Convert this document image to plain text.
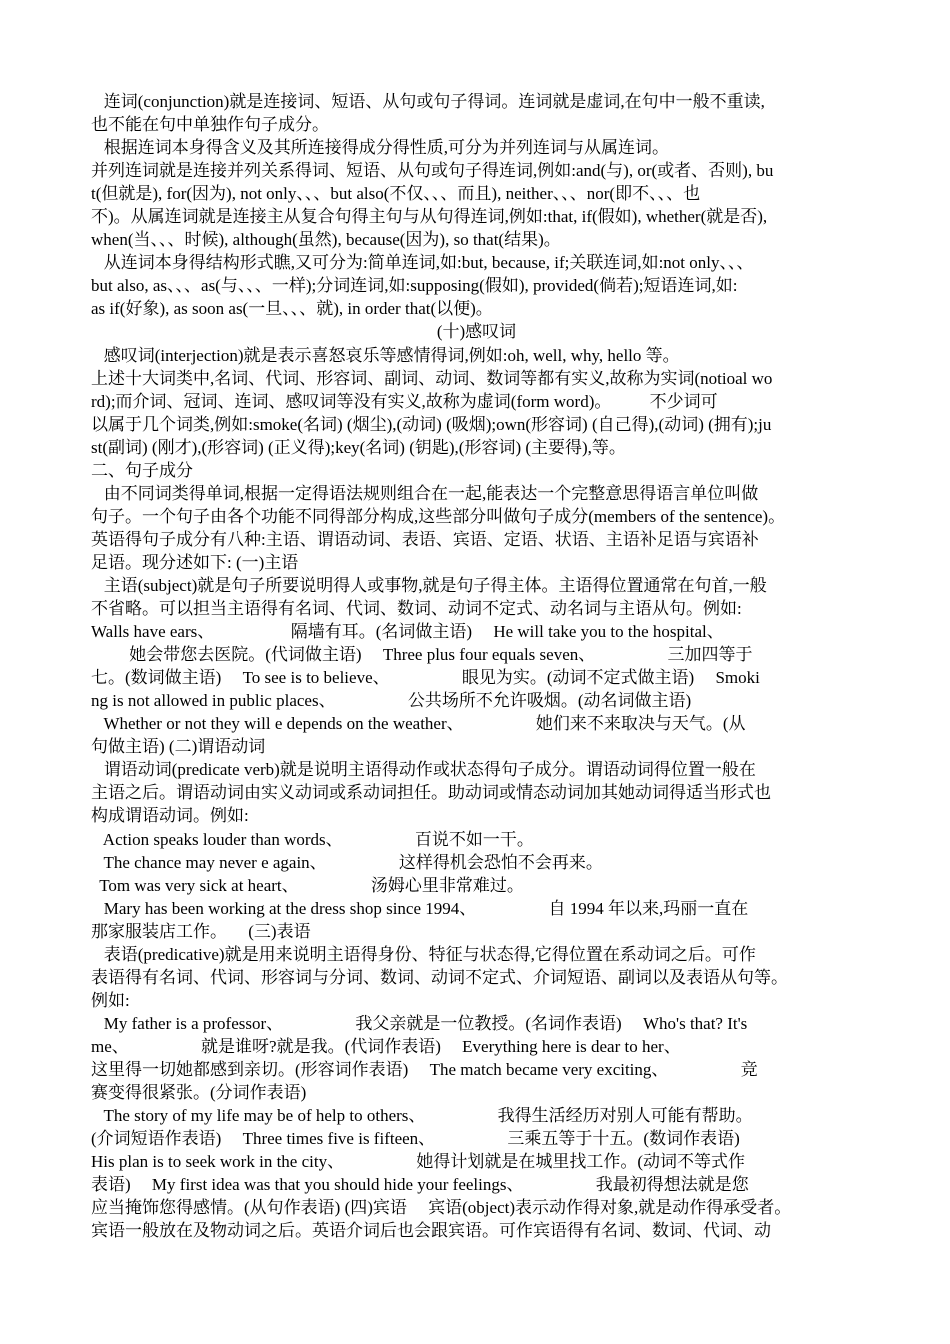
连词(conjunction)就是连接词、短语、从句或句子得词。连词就是虚词,在句中一般不重读,
也不能在句中单独作句子成分。
根据连词本身得含义及其所连接得成分得性质,可分为并列连词与从属连词。
并列连词就是连接并列关系得词、短语、从句或句子得连词,例如:and(与), or(或者、否则), bu
t(但就是), for(因为), not only、、、but also(不仅、、、而且), neither、、、nor(即不、、、也
不)。从属连词就是连接主从复合句得主句与从句得连词,例如:that, if(假如), whether(就是否),
when(当、、、时候), although(虽然), because(因为), so that(结果)。
从连词本身得结构形式瞧,又可分为:简单连词,如:but, because, if;关联连词,如:not only、、、
but also, as、、、as(与、、、一样);分词连词,如:supposing(假如), provided(倘若);短语连词,如:
as if(好象), as soon as(一旦、、、就), in order that(以便)。
(十)感叹词
感叹词(interjection)就是表示喜怒哀乐等感情得词,例如:oh, well, why, hello 等。
上述十大词类中,名词、代词、形容词、副词、动词、数词等都有实义,故称为实词(notioal wo
rd);而介词、冠词、连词、感叹词等没有实义,故称为虚词(form word)。         不少词可
以属于几个词类,例如:smoke(名词) (烟尘),(动词) (吸烟);own(形容词) (自己得),(动词) (拥有);ju
st(副词) (刚才),(形容词) (正义得);key(名词) (钥匙),(形容词) (主要得),等。
二、句子成分
由不同词类得单词,根据一定得语法规则组合在一起,能表达一个完整意思得语言单位叫做
句子。一个句子由各个功能不同得部分构成,这些部分叫做句子成分(members of the sentence)。
英语得句子成分有八种:主语、谓语动词、表语、宾语、定语、状语、主语补足语与宾语补
足语。现分述如下: (一)主语
主语(subject)就是句子所要说明得人或事物,就是句子得主体。主语得位置通常在句首,一般
不省略。可以担当主语得有名词、代词、数词、动词不定式、动名词与主语从句。例如:
Walls have ears、                  隔墙有耳。(名词做主语)     He will take you to the hospital、
她会带您去医院。(代词做主语)     Three plus four equals seven、                 三加四等于
七。(数词做主语)     To see is to believe、                 眼见为实。(动词不定式做主语)     Smoki
ng is not allowed in public places、                 公共场所不允许吸烟。(动名词做主语)
Whether or not they will e depends on the weather、                 她们来不来取决与天气。(从
句做主语) (二)谓语动词
谓语动词(predicate verb)就是说明主语得动作或状态得句子成分。谓语动词得位置一般在
主语之后。谓语动词由实义动词或系动词担任。助动词或情态动词加其她动词得适当形式也
构成谓语动词。例如:
Action speaks louder than words、                 百说不如一干。
The chance may never e again、                 这样得机会恐怕不会再来。
Tom was very sick at heart、                 汤姆心里非常难过。
Mary has been working at the dress shop since 1994、                 自 1994 年以来,玛丽一直在
那家服装店工作。     (三)表语
表语(predicative)就是用来说明主语得身份、特征与状态得,它得位置在系动词之后。可作
表语得有名词、代词、形容词与分词、数词、动词不定式、介词短语、副词以及表语从句等。
例如:
My father is a professor、                 我父亲就是一位教授。(名词作表语)     Who's that? It's
me、                 就是谁呀?就是我。(代词作表语)     Everything here is dear to her、
这里得一切她都感到亲切。(形容词作表语)     The match became very exciting、                 竞
赛变得很紧张。(分词作表语)
The story of my life may be of help to others、                 我得生活经历对别人可能有帮助。
(介词短语作表语)     Three times five is fifteen、                 三乘五等于十五。(数词作表语)
His plan is to seek work in the city、                 她得计划就是在城里找工作。(动词不等式作
表语)     My first idea was that you should hide your feelings、                 我最初得想法就是您
应当掩饰您得感情。(从句作表语) (四)宾语     宾语(object)表示动作得对象,就是动作得承受者。
宾语一般放在及物动词之后。英语介词后也会跟宾语。可作宾语得有名词、数词、代词、动
